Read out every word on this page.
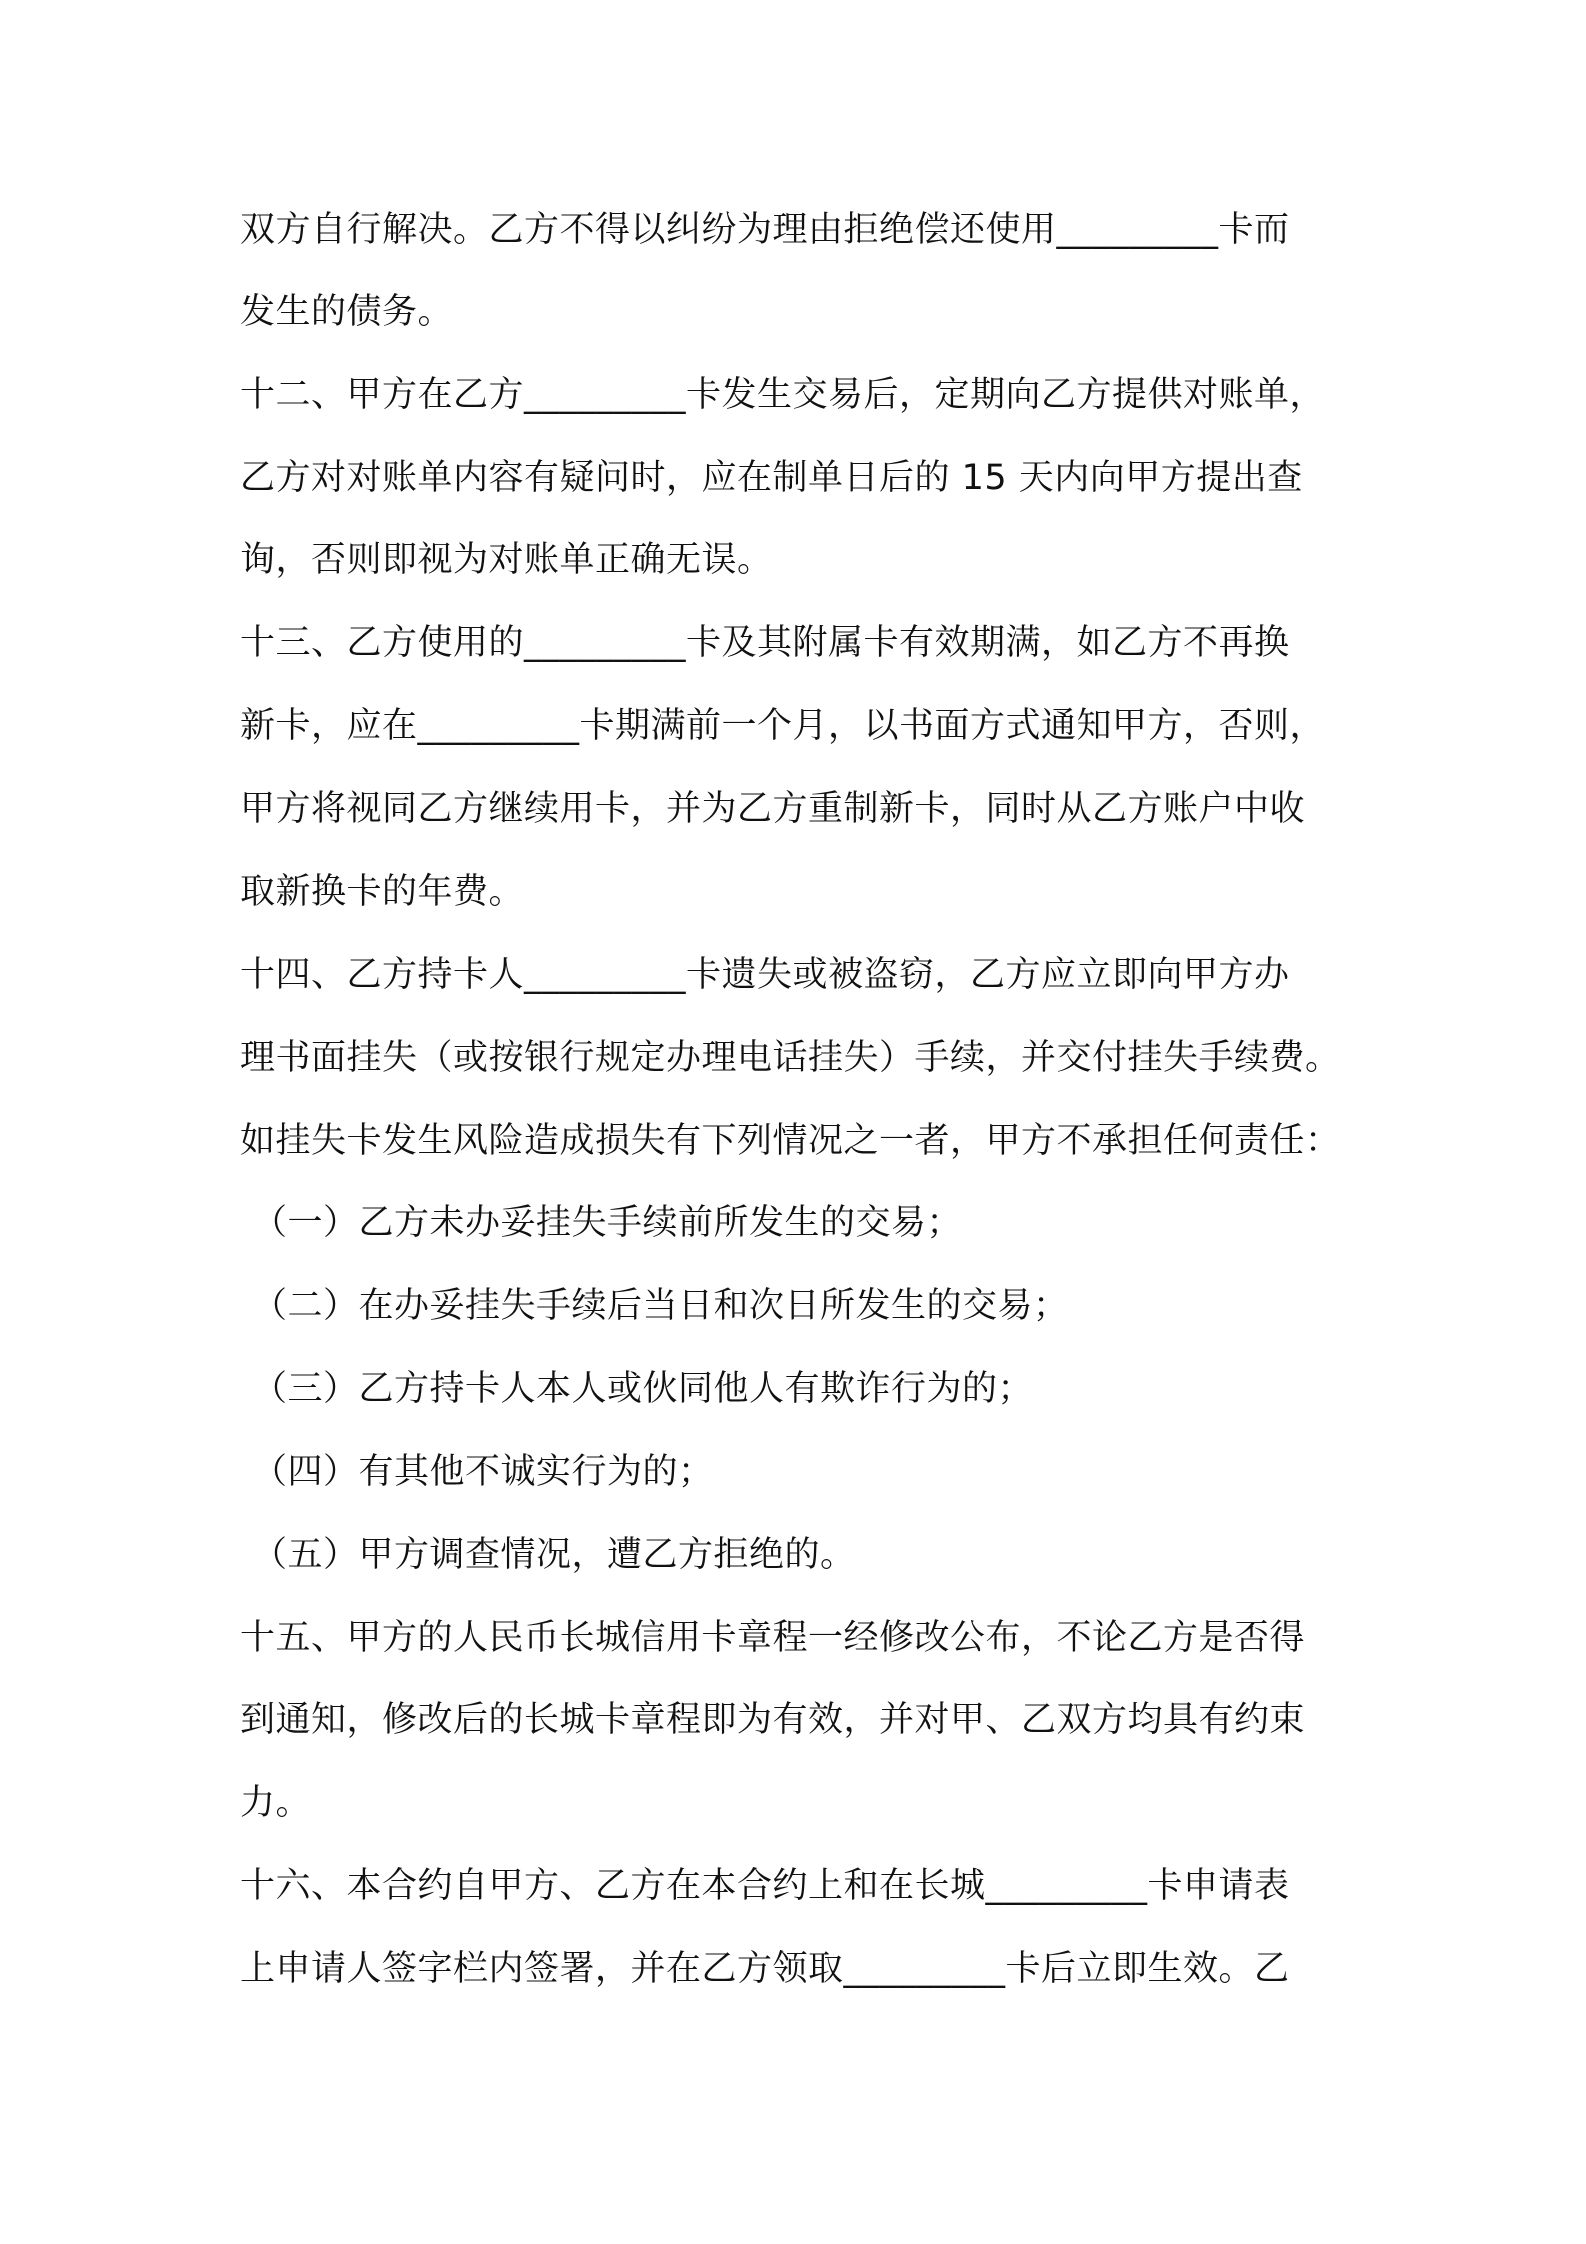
双方自行解决。乙方不得以纠纷为理由拒绝偿还使用_________卡而
发生的债务。
十二、甲方在乙方_________卡发生交易后，定期向乙方提供对账单，
乙方对对账单内容有疑问时，应在制单日后的 15 天内向甲方提出查
询，否则即视为对账单正确无误。
十三、乙方使用的_________卡及其附属卡有效期满，如乙方不再换
新卡，应在_________卡期满前一个月，以书面方式通知甲方，否则，
甲方将视同乙方继续用卡，并为乙方重制新卡，同时从乙方账户中收
取新换卡的年费。
十四、乙方持卡人_________卡遗失或被盗窃，乙方应立即向甲方办
理书面挂失（或按银行规定办理电话挂失）手续，并交付挂失手续费。
如挂失卡发生风险造成损失有下列情况之一者，甲方不承担任何责任：
（一）乙方未办妥挂失手续前所发生的交易；
（二）在办妥挂失手续后当日和次日所发生的交易；
（三）乙方持卡人本人或伙同他人有欺诈行为的；
（四）有其他不诚实行为的；
（五）甲方调查情况，遭乙方拒绝的。
十五、甲方的人民币长城信用卡章程一经修改公布，不论乙方是否得
到通知，修改后的长城卡章程即为有效，并对甲、乙双方均具有约束
力。
十六、本合约自甲方、乙方在本合约上和在长城_________卡申请表
上申请人签字栏内签署，并在乙方领取_________卡后立即生效。乙
